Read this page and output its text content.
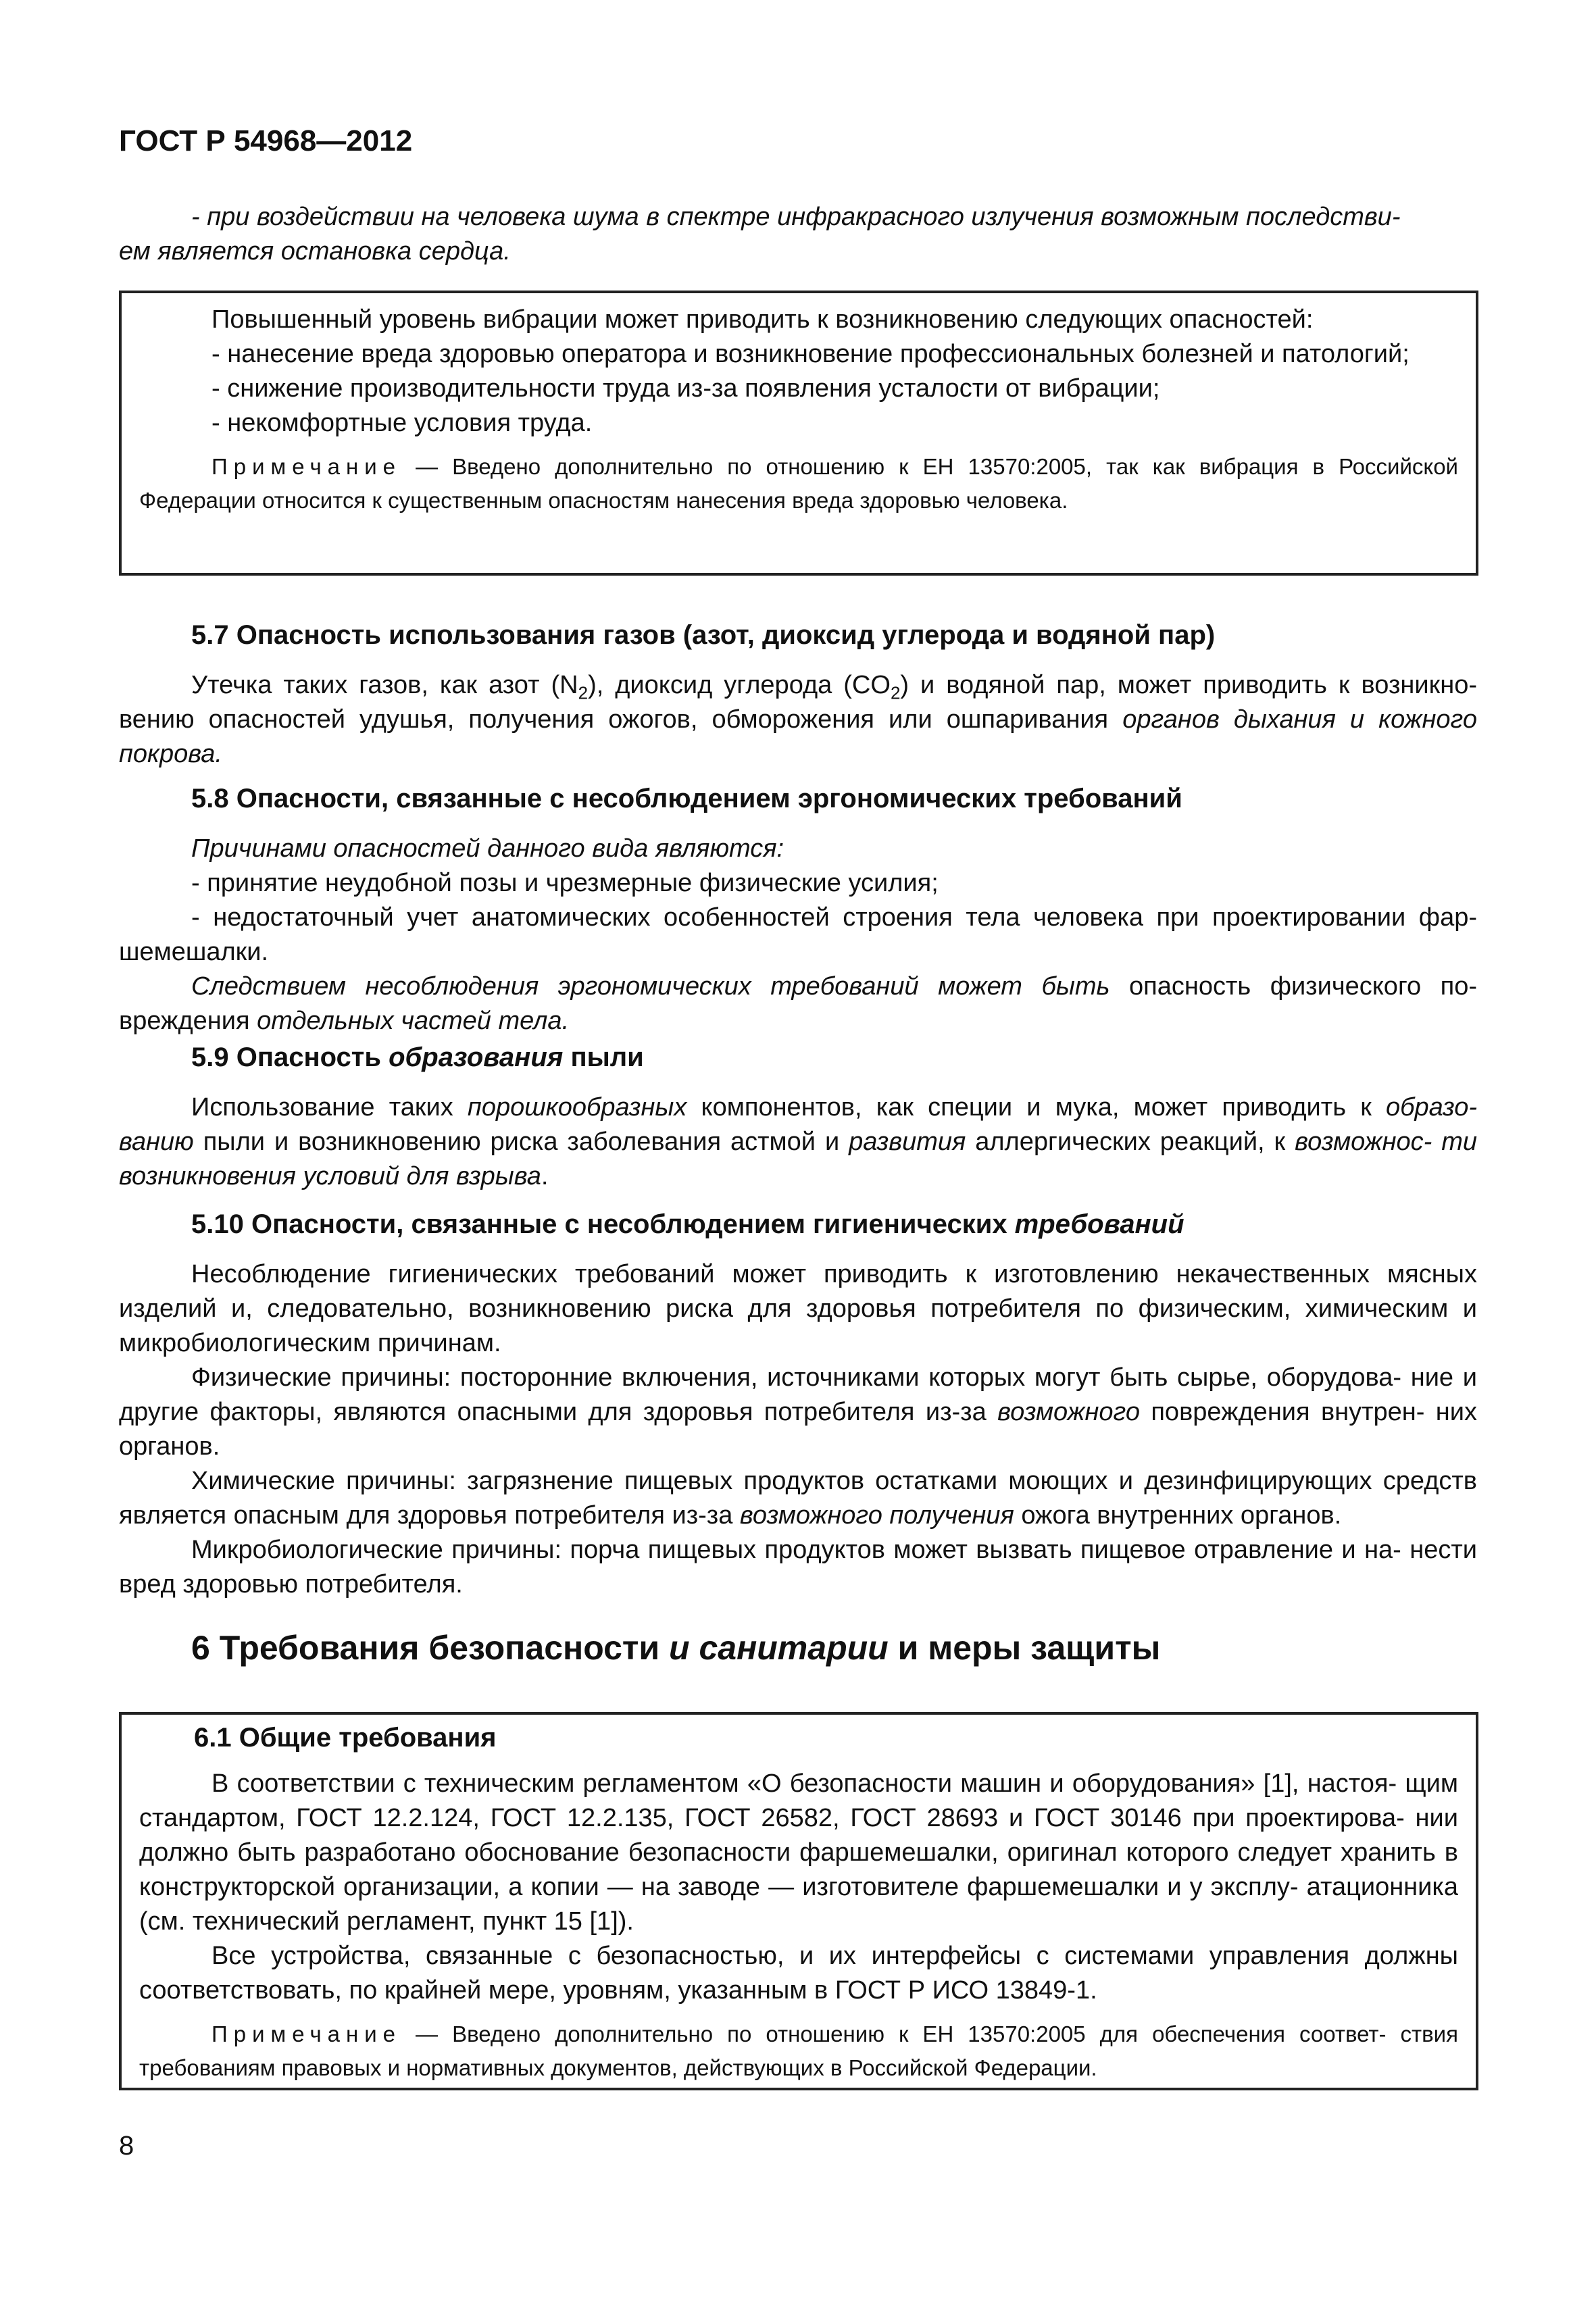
ГОСТ Р 54968—2012

- при воздействии на человека шума в спектре инфракрасного излучения возможным последстви-

ем является остановка сердца.

Повышенный уровень вибрации может приводить к возникновению следующих опасностей:

- нанесение вреда здоровью оператора и возникновение профессиональных болезней и патологий;

- снижение производительности труда из-за появления усталости от вибрации;

- некомфортные условия труда.

Примечание — Введено дополнительно по отношению к ЕН 13570:2005, так как вибрация в Российской Федерации относится к существенным опасностям нанесения вреда здоровью человека.

5.7 Опасность использования газов (азот, диоксид углерода и водяной пар)

Утечка таких газов, как азот $(N_2)$, диоксид углерода $(CO_2)$ и водяной пар, может приводить к возникно- вению опасностей удушья, получения ожогов, обморожения или ошпаривания органов дыхания и кожного покрова.

5.8 Опасности, связанные с несоблюдением эргономических требований

Причинами опасностей данного вида являются:

- принятие неудобной позы и чрезмерные физические усилия;

- недостаточный учет анатомических особенностей строения тела человека при проектировании фар- шемешалки.

Следствием несоблюдения эргономических требований может быть опасность физического по- вреждения отдельных частей тела.

5.9 Опасность образования пыли

Использование таких порошкообразных компонентов, как специи и мука, может приводить к образо- ванию пыли и возникновению риска заболевания астмой и развития аллергических реакций, к возможнос- ти возникновения условий для взрыва.

5.10 Опасности, связанные с несоблюдением гигиенических требований

Несоблюдение гигиенических требований может приводить к изготовлению некачественных мясных изделий и, следовательно, возникновению риска для здоровья потребителя по физическим, химическим и микробиологическим причинам.

Физические причины: посторонние включения, источниками которых могут быть сырье, оборудова- ние и другие факторы, являются опасными для здоровья потребителя из-за возможного повреждения внутрен- них органов.

Химические причины: загрязнение пищевых продуктов остатками моющих и дезинфицирующих средств является опасным для здоровья потребителя из-за возможного получения ожога внутренних органов.

Микробиологические причины: порча пищевых продуктов может вызвать пищевое отравление и на- нести вред здоровью потребителя.

6 Требования безопасности и санитарии и меры защиты
6.1 Общие требования

В соответствии с техническим регламентом «О безопасности машин и оборудования» [1], настоя- щим стандартом, ГОСТ 12.2.124, ГОСТ 12.2.135, ГОСТ 26582, ГОСТ 28693 и ГОСТ 30146 при проектирова- нии должно быть разработано обоснование безопасности фаршемешалки, оригинал которого следует хранить в конструкторской организации, а копии — на заводе — изготовителе фаршемешалки и у эксплу- атационника (см. технический регламент, пункт 15 [1]).

Все устройства, связанные с безопасностью, и их интерфейсы с системами управления должны соответствовать, по крайней мере, уровням, указанным в ГОСТ Р ИСО 13849-1.

Примечание — Введено дополнительно по отношению к ЕН 13570:2005 для обеспечения соответ- ствия требованиям правовых и нормативных документов, действующих в Российской Федерации.

8
